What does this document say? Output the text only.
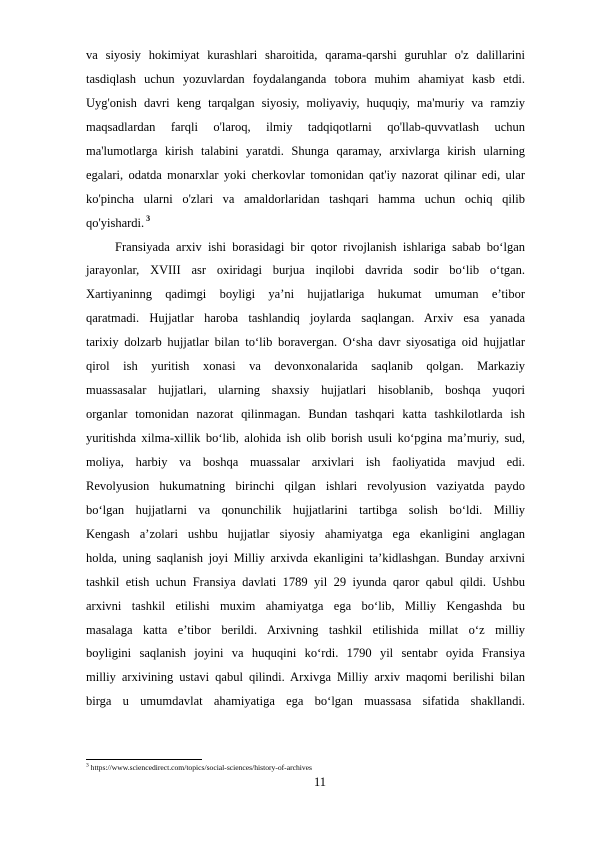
va siyosiy hokimiyat kurashlari sharoitida, qarama-qarshi guruhlar o'z dalillarini
tasdiqlash uchun yozuvlardan foydalanganda tobora muhim ahamiyat kasb etdi.
Uyg'onish davri keng tarqalgan siyosiy, moliyaviy, huquqiy, ma'muriy va ramziy
maqsadlardan farqli o'laroq, ilmiy tadqiqotlarni qo'llab-quvvatlash uchun
ma'lumotlarga kirish talabini yaratdi. Shunga qaramay, arxivlarga kirish ularning
egalari, odatda monarxlar yoki cherkovlar tomonidan qat'iy nazorat qilinar edi, ular
ko'pincha ularni o'zlari va amaldorlaridan tashqari hamma uchun ochiq qilib
qo'yishardi. $^3$
Fransiyada arxiv ishi borasidagi bir qotor rivojlanish ishlariga sabab bo‘lgan
jarayonlar, XVIII asr oxiridagi burjua inqilobi davrida sodir bo‘lib o‘tgan.
Xartiyaninng qadimgi boyligi ya’ni hujjatlariga hukumat umuman e’tibor
qaratmadi. Hujjatlar haroba tashlandiq joylarda saqlangan. Arxiv esa yanada
tarixiy dolzarb hujjatlar bilan to‘lib boravergan. O‘sha davr siyosatiga oid hujjatlar
qirol ish yuritish xonasi va devonxonalarida saqlanib qolgan. Markaziy
muassasalar hujjatlari, ularning shaxsiy hujjatlari hisoblanib, boshqa yuqori
organlar tomonidan nazorat qilinmagan. Bundan tashqari katta tashkilotlarda ish
yuritishda xilma-xillik bo‘lib, alohida ish olib borish usuli ko‘pgina ma’muriy, sud,
moliya, harbiy va boshqa muassalar arxivlari ish faoliyatida mavjud edi.
Revolyusion hukumatning birinchi qilgan ishlari revolyusion vaziyatda paydo
bo‘lgan hujjatlarni va qonunchilik hujjatlarini tartibga solish bo‘ldi. Milliy
Kengash a’zolari ushbu hujjatlar siyosiy ahamiyatga ega ekanligini anglagan
holda, uning saqlanish joyi Milliy arxivda ekanligini ta’kidlashgan. Bunday arxivni
tashkil etish uchun Fransiya davlati 1789 yil 29 iyunda qaror qabul qildi. Ushbu
arxivni tashkil etilishi muxim ahamiyatga ega bo‘lib, Milliy Kengashda bu
masalaga katta e’tibor berildi. Arxivning tashkil etilishida millat o‘z milliy
boyligini saqlanish joyini va huquqini ko‘rdi. 1790 yil sentabr oyida Fransiya
milliy arxivining ustavi qabul qilindi. Arxivga Milliy arxiv maqomi berilishi bilan
birga u umumdavlat ahamiyatiga ega bo‘lgan muassasa sifatida shakllandi.
$^3$ https://www.sciencedirect.com/topics/social-sciences/history-of-archives
11
